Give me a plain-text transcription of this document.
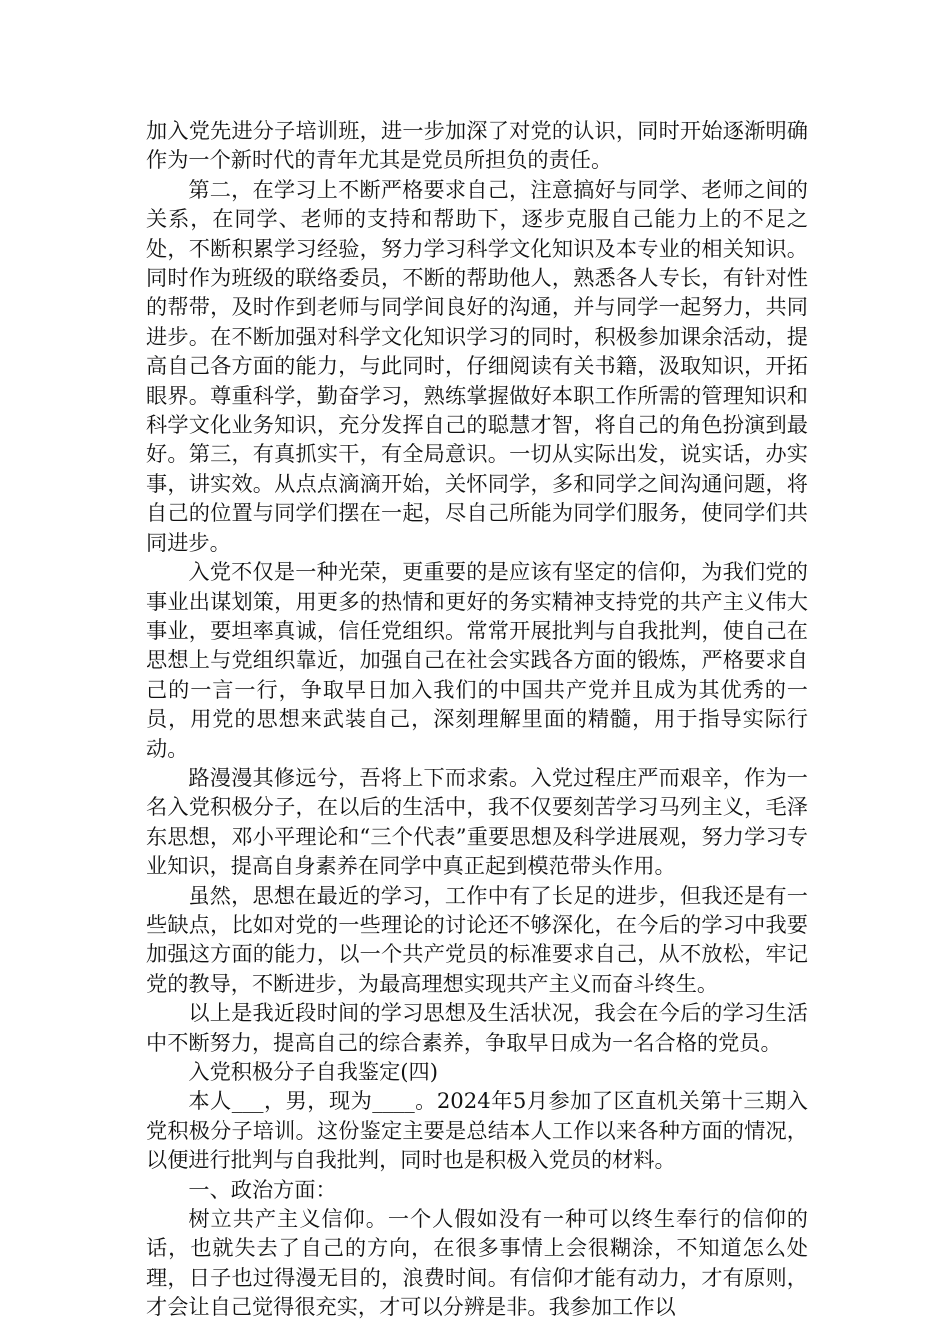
加入党先进分子培训班，进一步加深了对党的认识，同时开始逐渐明确作为一个新时代的青年尤其是党员所担负的责任。

第二，在学习上不断严格要求自己，注意搞好与同学、老师之间的关系，在同学、老师的支持和帮助下，逐步克服自己能力上的不足之处，不断积累学习经验，努力学习科学文化知识及本专业的相关知识。同时作为班级的联络委员，不断的帮助他人，熟悉各人专长，有针对性的帮带，及时作到老师与同学间良好的沟通，并与同学一起努力，共同进步。在不断加强对科学文化知识学习的同时，积极参加课余活动，提高自己各方面的能力，与此同时，仔细阅读有关书籍，汲取知识，开拓眼界。尊重科学，勤奋学习，熟练掌握做好本职工作所需的管理知识和科学文化业务知识，充分发挥自己的聪慧才智，将自己的角色扮演到最好。第三，有真抓实干，有全局意识。一切从实际出发，说实话，办实事，讲实效。从点点滴滴开始，关怀同学，多和同学之间沟通问题，将自己的位置与同学们摆在一起，尽自己所能为同学们服务，使同学们共同进步。

入党不仅是一种光荣，更重要的是应该有坚定的信仰，为我们党的事业出谋划策，用更多的热情和更好的务实精神支持党的共产主义伟大事业，要坦率真诚，信任党组织。常常开展批判与自我批判，使自己在思想上与党组织靠近，加强自己在社会实践各方面的锻炼，严格要求自己的一言一行，争取早日加入我们的中国共产党并且成为其优秀的一员，用党的思想来武装自己，深刻理解里面的精髓，用于指导实际行动。

路漫漫其修远兮，吾将上下而求索。入党过程庄严而艰辛，作为一名入党积极分子，在以后的生活中，我不仅要刻苦学习马列主义，毛泽东思想，邓小平理论和“三个代表”重要思想及科学进展观，努力学习专业知识，提高自身素养在同学中真正起到模范带头作用。

虽然，思想在最近的学习，工作中有了长足的进步，但我还是有一些缺点，比如对党的一些理论的讨论还不够深化，在今后的学习中我要加强这方面的能力，以一个共产党员的标准要求自己，从不放松，牢记党的教导，不断进步，为最高理想实现共产主义而奋斗终生。

以上是我近段时间的学习思想及生活状况，我会在今后的学习生活中不断努力，提高自己的综合素养，争取早日成为一名合格的党员。

入党积极分子自我鉴定(四)

本人___，男，现为____。2024年5月参加了区直机关第十三期入党积极分子培训。这份鉴定主要是总结本人工作以来各种方面的情况，以便进行批判与自我批判，同时也是积极入党员的材料。

一、政治方面：

树立共产主义信仰。一个人假如没有一种可以终生奉行的信仰的话，也就失去了自己的方向，在很多事情上会很糊涂，不知道怎么处理，日子也过得漫无目的，浪费时间。有信仰才能有动力，才有原则，才会让自己觉得很充实，才可以分辨是非。我参加工作以
